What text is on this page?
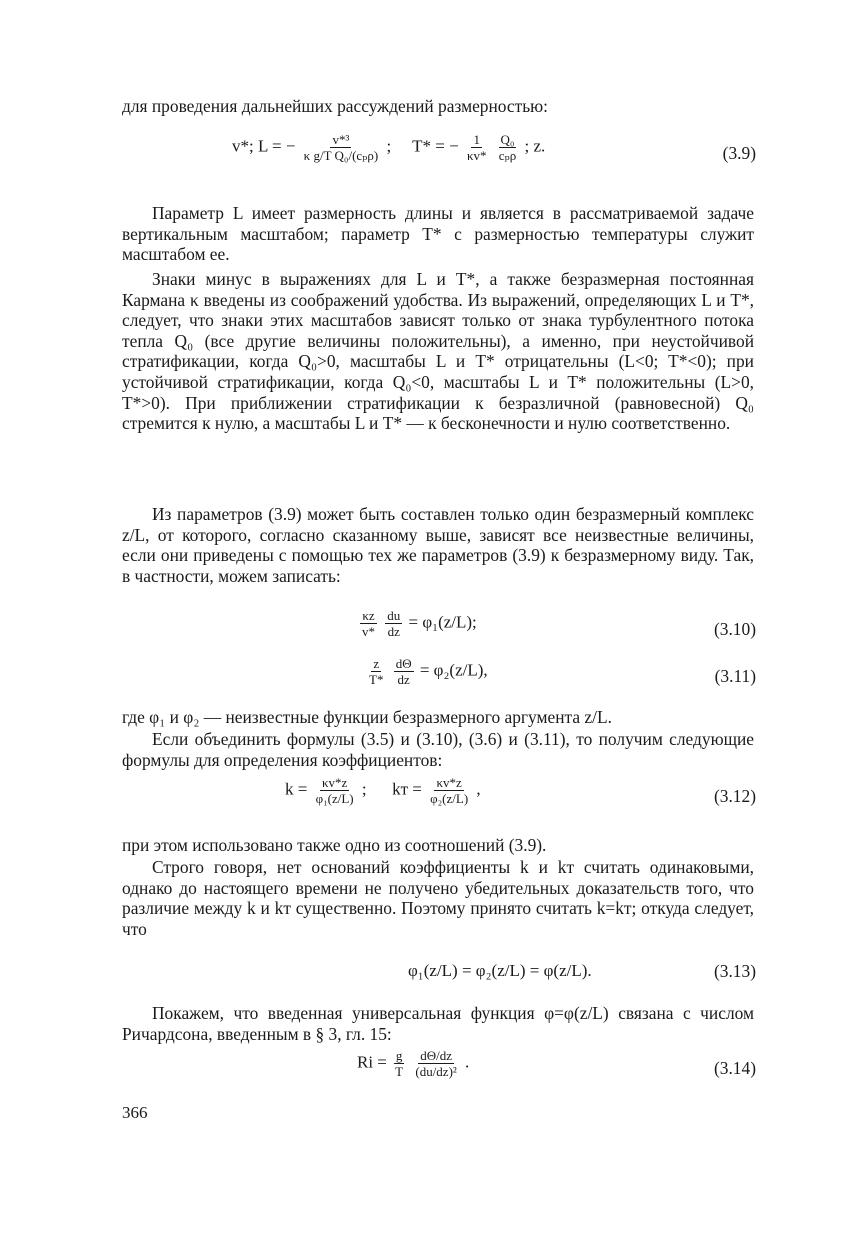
для проведения дальнейших рассуждений размерностью:

v*; L = − $\frac{\text{v*³}}{\text{κ g/T Q₀/(cₚρ)}}$ ; T* = − $\frac{1}{\kappa v*}$
$\frac{\text{Q₀}}{\text{cₚρ}}$ ; z.	(3.9)

Параметр L имеет размерность длины и является в рассматриваемой задаче вертикальным масштабом; параметр T* с размерностью температуры служит масштабом ее.

Знаки минус в выражениях для L и T*, а также безразмерная постоянная Кармана κ введены из соображений удобства. Из выражений, определяющих L и T*, следует, что знаки этих масштабов зависят только от знака турбулентного потока тепла Q₀ (все другие величины положительны), а именно, при неустойчивой стратификации, когда Q₀>0, масштабы L и T* отрицательны (L<0; T*<0); при устойчивой стратификации, когда Q₀<0, масштабы L и T* положительны (L>0, T*>0). При приближении стратификации к безразличной (равновесной) Q₀ стремится к нулю, а масштабы L и T* — к бесконечности и нулю соответственно.

Из параметров (3.9) может быть составлен только один безразмерный комплекс z/L, от которого, согласно сказанному выше, зависят все неизвестные величины, если они приведены с помощью тех же параметров (3.9) к безразмерному виду. Так, в частности, можем записать:

$\frac{\kappa z}{v*}$
$\frac{du}{dz} = \varphi_1(z/L)$;	(3.10)
$\frac{z}{T*}$
$\frac{d\Theta}{dz} = \varphi_2(z/L)$,	(3.11)

где φ₁ и φ₂ — неизвестные функции безразмерного аргумента z/L.

Если объединить формулы (3.5) и (3.10), (3.6) и (3.11), то получим следующие формулы для определения коэффициентов:

$k = \frac{\kappa v*z}{\text{φ₁(z/L)}}$ ; kт = $\frac{\kappa v*z}{\text{φ₂(z/L)}}$ ,	(3.12)

при этом использовано также одно из соотношений (3.9).

Строго говоря, нет оснований коэффициенты k и kт считать одинаковыми, однако до настоящего времени не получено убедительных доказательств того, что различие между k и kт существенно. Поэтому принято считать k=kт; откуда следует, что

φ₁(z/L) = φ₂(z/L) = φ(z/L).	(3.13)

Покажем, что введенная универсальная функция φ=φ(z/L) связана с числом Ричардсона, введенным в § 3, гл. 15:

$Ri = \frac{g}{T}$
$\frac{d\Theta/dz}{\text{(du/dz)²}}$ .	(3.14)
366
